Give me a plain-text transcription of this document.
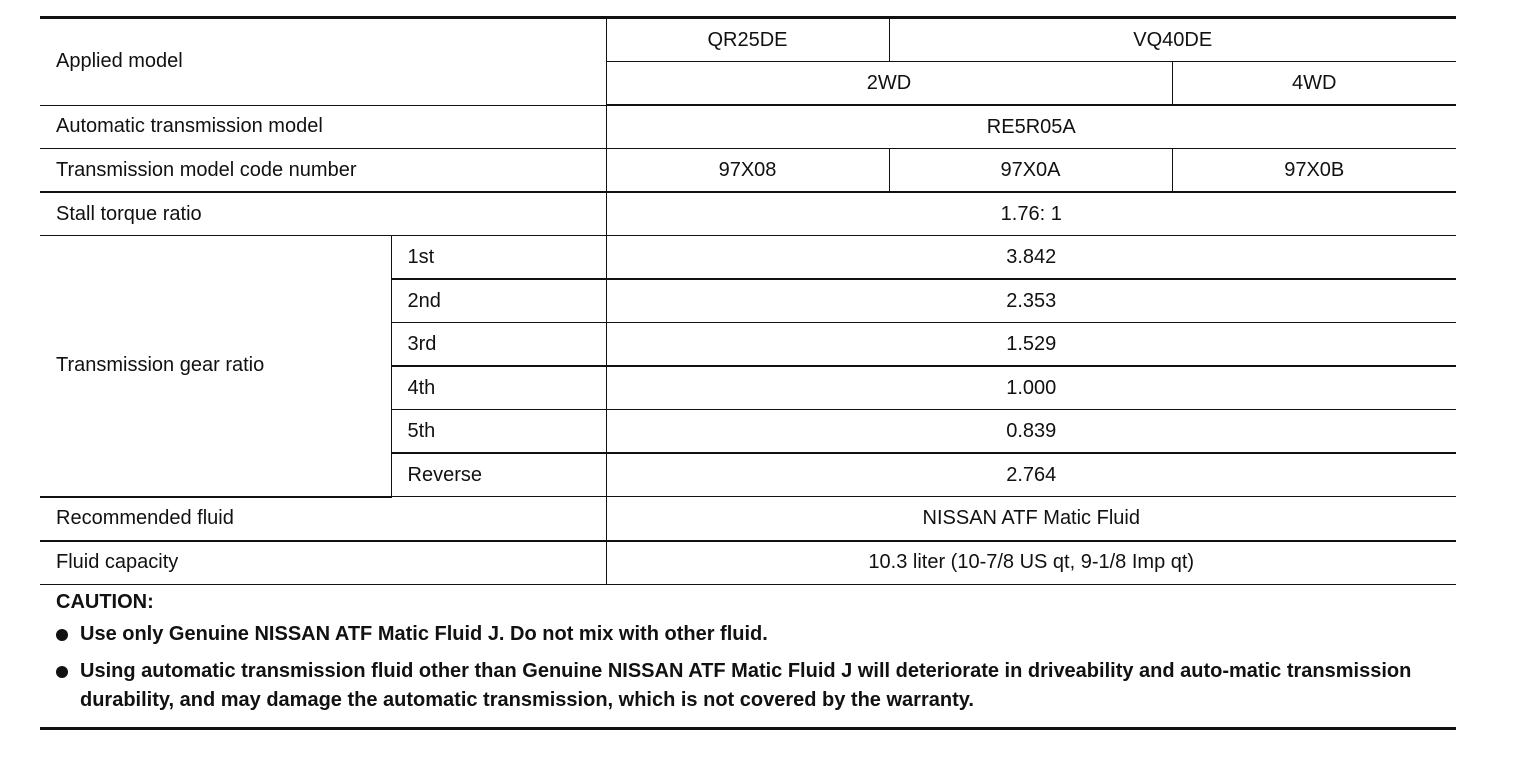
Applied model		QR25DE	VQ40DE	
		2WD		4WD
Automatic transmission model		RE5R05A		
Transmission model code number		97X08	97X0A	97X0B
Stall torque ratio		1.76: 1		
Transmission gear ratio	1st	3.842		
	2nd	2.353		
	3rd	1.529		
	4th	1.000		
	5th	0.839		
	Reverse	2.764		
Recommended fluid		NISSAN ATF Matic Fluid		
Fluid capacity		10.3 liter (10-7/8 US qt, 9-1/8 Imp qt)		
CAUTION:
Use only Genuine NISSAN ATF Matic Fluid J. Do not mix with other fluid.
Using automatic transmission fluid other than Genuine NISSAN ATF Matic Fluid J will deteriorate in driveability and auto-matic transmission durability, and may damage the automatic transmission, which is not covered by the warranty.
